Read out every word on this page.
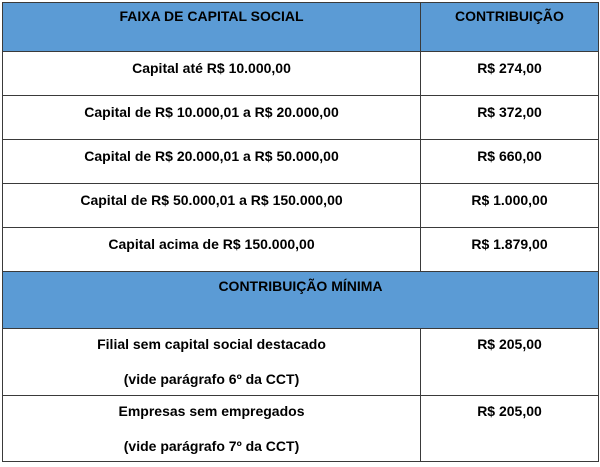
FAIXA DE CAPITAL SOCIAL	CONTRIBUIÇÃO
Capital até R$ 10.000,00	R$ 274,00
Capital de R$ 10.000,01 a R$ 20.000,00	R$ 372,00
Capital de R$ 20.000,01 a R$ 50.000,00	R$ 660,00
Capital de R$ 50.000,01 a R$ 150.000,00	R$ 1.000,00
Capital acima de R$ 150.000,00	R$ 1.879,00
CONTRIBUIÇÃO MÍNIMA	
Filial sem capital social destacado
(vide parágrafo 6º da CCT)	R$ 205,00
Empresas sem empregados
(vide parágrafo 7º da CCT)	R$ 205,00
